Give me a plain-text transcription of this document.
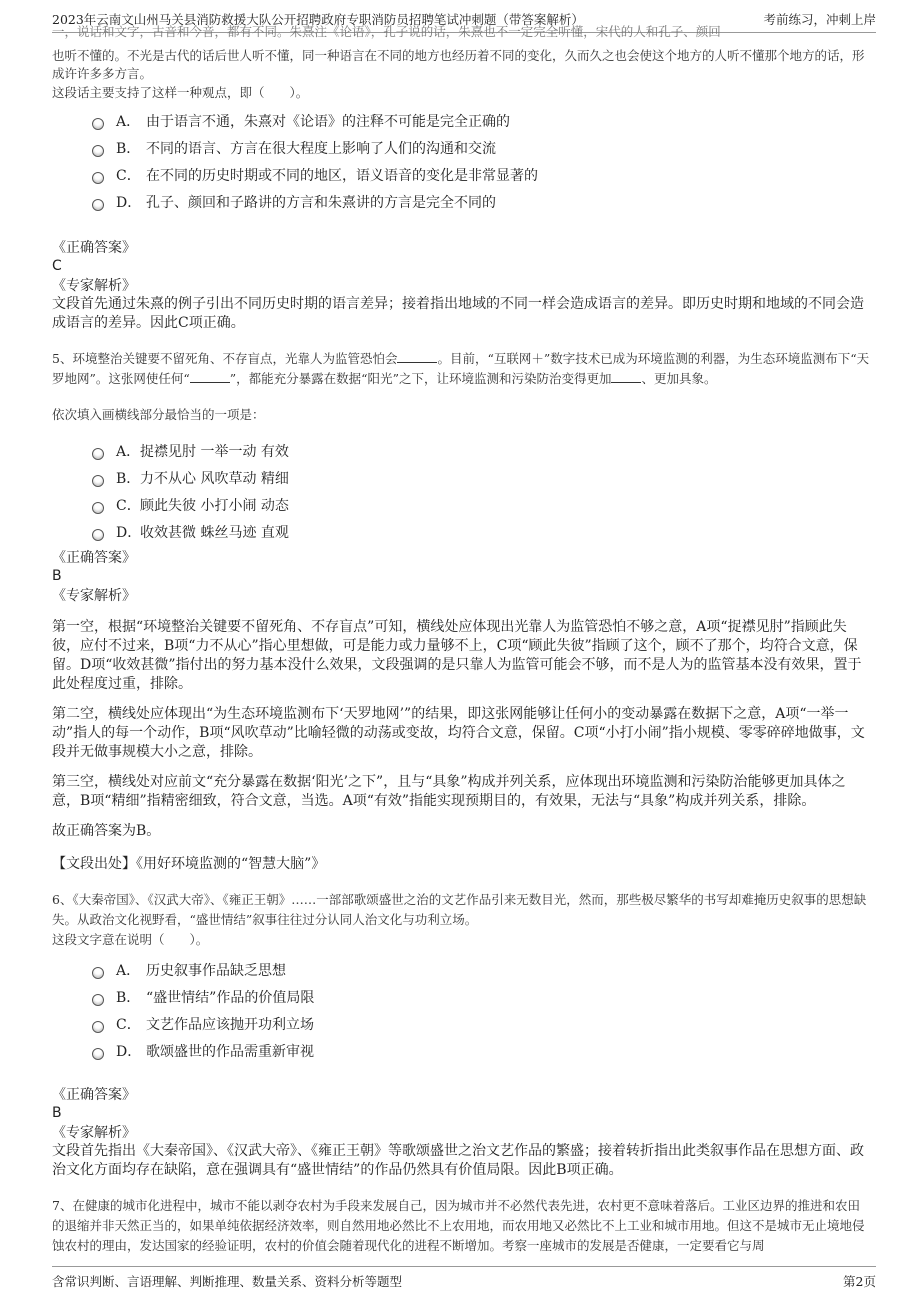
2023年云南文山州马关县消防救援大队公开招聘政府专职消防员招聘笔试冲刺题（带答案解析）	考前练习，冲刺上岸

一，说话和文字，古音和今音，都有不同。朱熹注《论语》，孔子说的话，朱熹也不一定完全听懂，宋代的人和孔子、颜回

也听不懂的。不光是古代的话后世人听不懂，同一种语言在不同的地方也经历着不同的变化，久而久之也会使这个地方的人听不懂那个地方的话，形成许许多多方言。

这段话主要支持了这样一种观点，即（　　）。

A． 由于语言不通，朱熹对《论语》的注释不可能是完全正确的
B． 不同的语言、方言在很大程度上影响了人们的沟通和交流
C． 在不同的历史时期或不同的地区，语义语音的变化是非常显著的
D． 孔子、颜回和子路讲的方言和朱熹讲的方言是完全不同的

《正确答案》

C

《专家解析》

文段首先通过朱熹的例子引出不同历史时期的语言差异；接着指出地域的不同一样会造成语言的差异。即历史时期和地域的不同会造成语言的差异。因此C项正确。

5、环境整治关键要不留死角、不存盲点，光靠人为监管恐怕会	。目前，“互联网＋”数字技术已成为环境监测的利器，为生态环境监测布下“天罗地网”。这张网使任何“	”，都能充分暴露在数据“阳光”之下，让环境监测和污染防治变得更加 、更加具象。

依次填入画横线部分最恰当的一项是：

A． 捉襟见肘 一举一动 有效
B． 力不从心 风吹草动 精细
C． 顾此失彼 小打小闹 动态
D．
收效甚微 蛛丝马迹 直观

《正确答案》

B

《专家解析》

第一空，根据“环境整治关键要不留死角、不存盲点”可知，横线处应体现出光靠人为监管恐怕不够之意，A项“捉襟见肘”指顾此失彼，应付不过来，B项“力不从心”指心里想做，可是能力或力量够不上，C项“顾此失彼”指顾了这个，顾不了那个，均符合文意，保留。D项“收效甚微”指付出的努力基本没什么效果，文段强调的是只靠人为监管可能会不够，而不是人为的监管基本没有效果，置于此处程度过重，排除。

第二空，横线处应体现出“为生态环境监测布下‘天罗地网’”的结果，即这张网能够让任何小的变动暴露在数据下之意，A项“一举一动”指人的每一个动作，B项“风吹草动”比喻轻微的动荡或变故，均符合文意，保留。C项“小打小闹”指小规模、零零碎碎地做事，文段并无做事规模大小之意，排除。

第三空，横线处对应前文“充分暴露在数据‘阳光’之下”，且与“具象”构成并列关系，应体现出环境监测和污染防治能够更加具体之意，B项“精细”指精密细致，符合文意，当选。A项“有效”指能实现预期目的，有效果，无法与“具象”构成并列关系，排除。

故正确答案为B。

【文段出处】《用好环境监测的“智慧大脑”》

6、《大秦帝国》、《汉武大帝》、《雍正王朝》……一部部歌颂盛世之治的文艺作品引来无数目光，然而，那些极尽繁华的书写却难掩历史叙事的思想缺失。从政治文化视野看，“盛世情结”叙事往往过分认同人治文化与功利立场。

这段文字意在说明（　　）。

A． 历史叙事作品缺乏思想
B． “盛世情结”作品的价值局限
C． 文艺作品应该抛开功利立场
D． 歌颂盛世的作品需重新审视

《正确答案》

B

《专家解析》

文段首先指出《大秦帝国》、《汉武大帝》、《雍正王朝》等歌颂盛世之治文艺作品的繁盛；接着转折指出此类叙事作品在思想方面、政治文化方面均存在缺陷，意在强调具有“盛世情结”的作品仍然具有价值局限。因此B项正确。

7、在健康的城市化进程中，城市不能以剥夺农村为手段来发展自己，因为城市并不必然代表先进，农村更不意味着落后。工业区边界的推进和农田的退缩并非天然正当的，如果单纯依据经济效率，则自然用地必然比不上农用地，而农用地又必然比不上工业和城市用地。但这不是城市无止境地侵蚀农村的理由，发达国家的经验证明，农村的价值会随着现代化的进程不断增加。考察一座城市的发展是否健康，一定要看它与周

含常识判断、言语理解、判断推理、数量关系、资料分析等题型	第2页
